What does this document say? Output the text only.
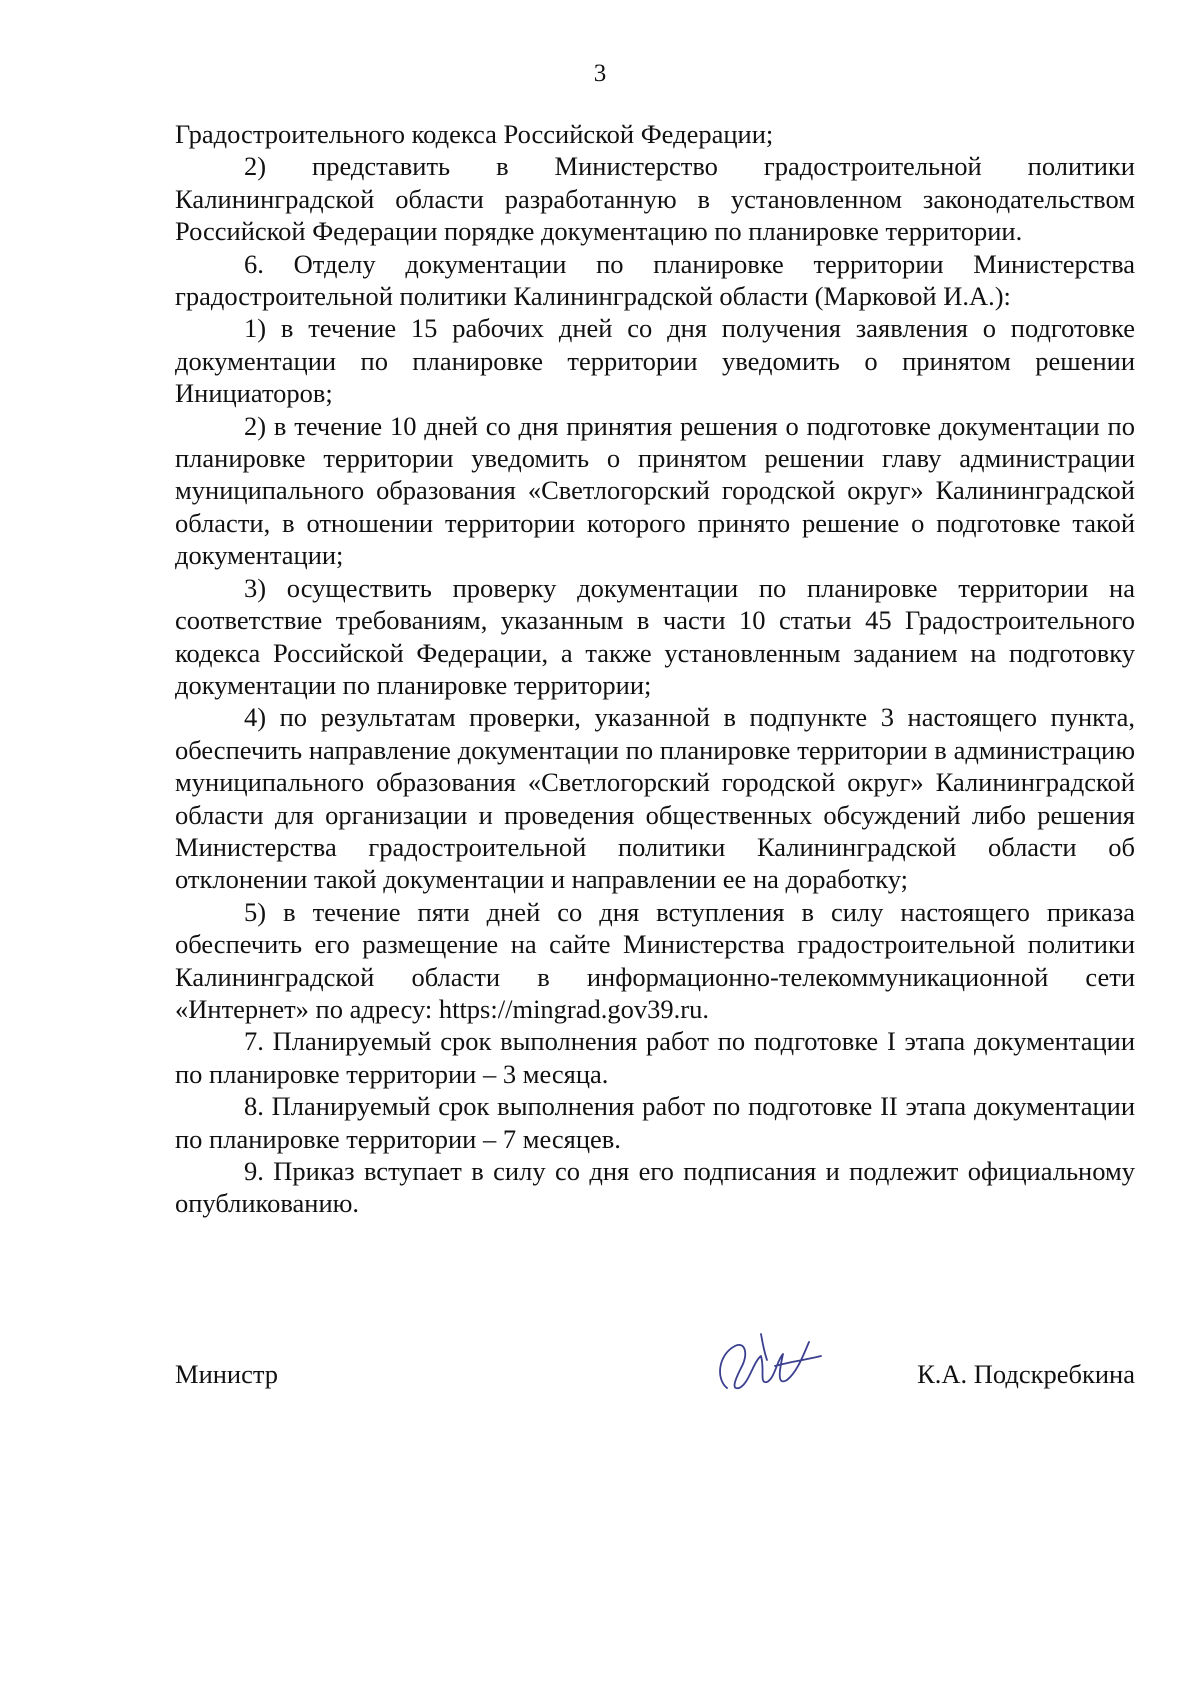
3

Градостроительного кодекса Российской Федерации;

2) представить в Министерство градостроительной политики Калининградской области разработанную в установленном законодательством Российской Федерации порядке документацию по планировке территории.

6. Отделу документации по планировке территории Министерства градостроительной политики Калининградской области (Марковой И.А.):

1) в течение 15 рабочих дней со дня получения заявления о подготовке документации по планировке территории уведомить о принятом решении Инициаторов;

2) в течение 10 дней со дня принятия решения о подготовке документации по планировке территории уведомить о принятом решении главу администрации муниципального образования «Светлогорский городской округ» Калининградской области, в отношении территории которого принято решение о подготовке такой документации;

3) осуществить проверку документации по планировке территории на соответствие требованиям, указанным в части 10 статьи 45 Градостроительного кодекса Российской Федерации, а также установленным заданием на подготовку документации по планировке территории;

4) по результатам проверки, указанной в подпункте 3 настоящего пункта, обеспечить направление документации по планировке территории в администрацию муниципального образования «Светлогорский городской округ» Калининградской области для организации и проведения общественных обсуждений либо решения Министерства градостроительной политики Калининградской области об отклонении такой документации и направлении ее на доработку;

5) в течение пяти дней со дня вступления в силу настоящего приказа обеспечить его размещение на сайте Министерства градостроительной политики Калининградской области в информационно-телекоммуникационной сети «Интернет» по адресу: https://mingrad.gov39.ru.

7. Планируемый срок выполнения работ по подготовке I этапа документации по планировке территории – 3 месяца.

8. Планируемый срок выполнения работ по подготовке II этапа документации по планировке территории – 7 месяцев.

9. Приказ вступает в силу со дня его подписания и подлежит официальному опубликованию.

Министр	К.А. Подскребкина
